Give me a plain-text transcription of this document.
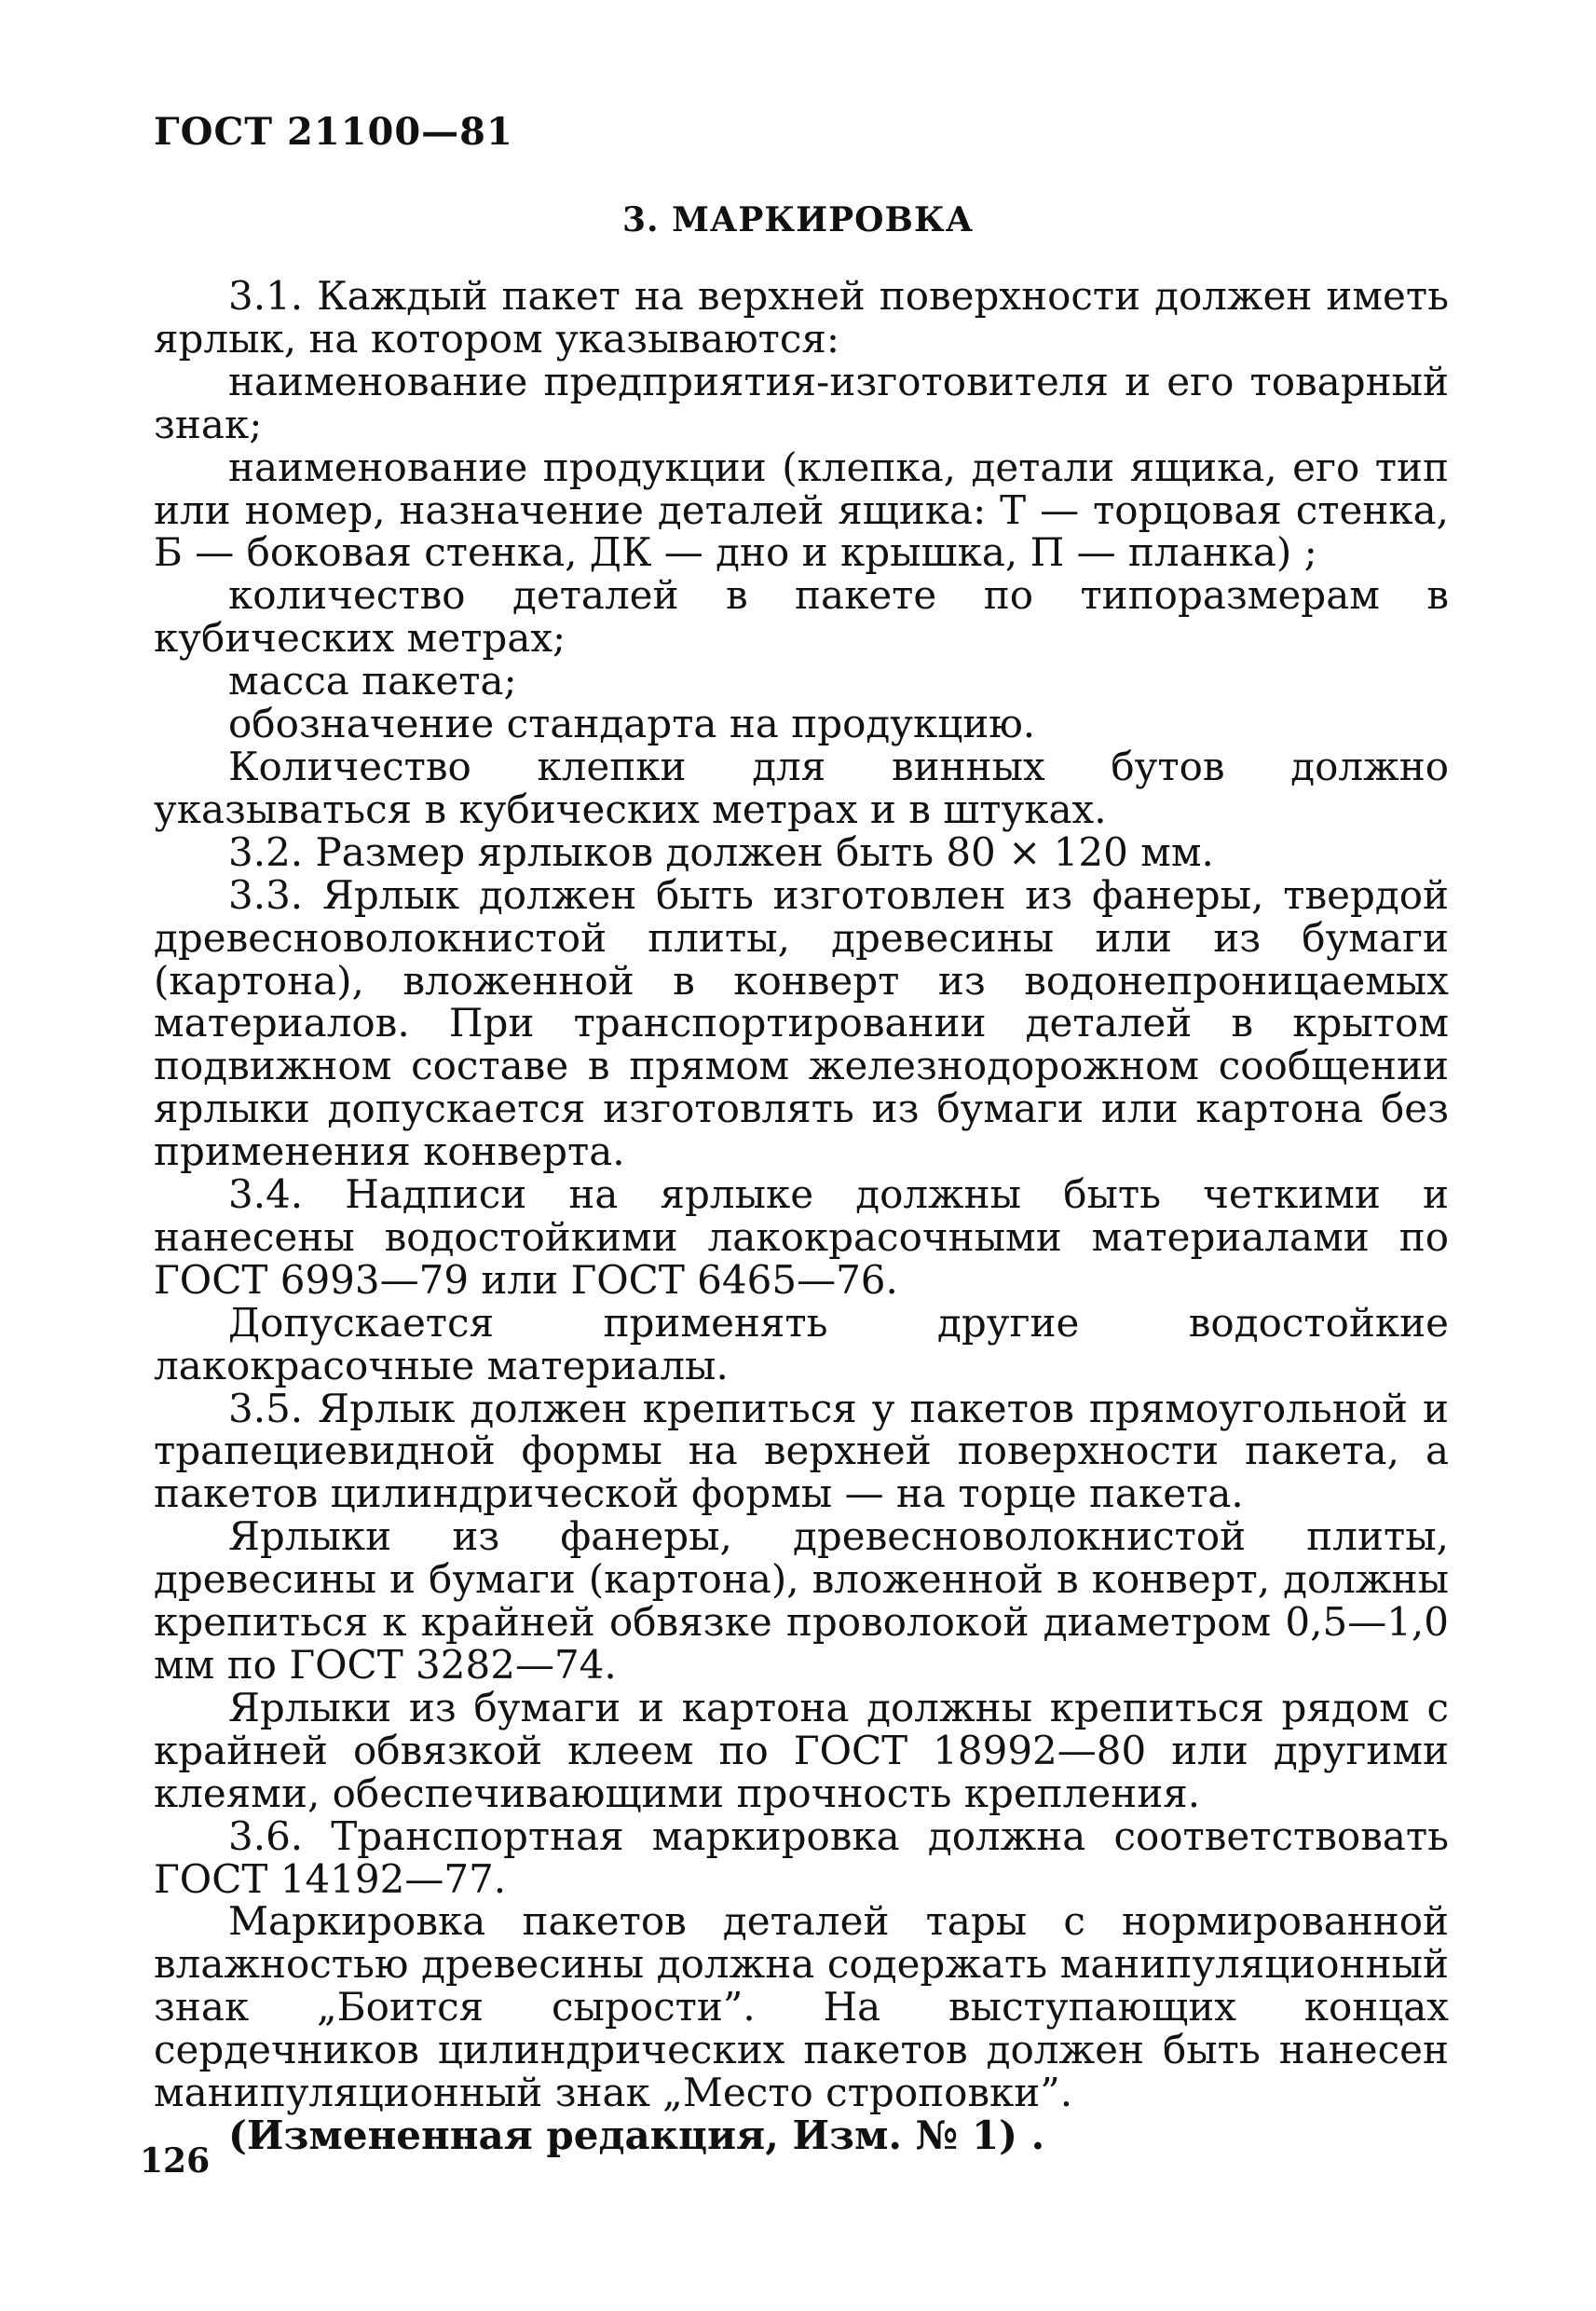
ГОСТ 21100—81
3. МАРКИРОВКА

3.1. Каждый пакет на верхней поверхности должен иметь ярлык, на котором указываются:

наименование предприятия-изготовителя и его товарный знак;

наименование продукции (клепка, детали ящика, его тип или номер, назначение деталей ящика: Т — торцовая стенка, Б — боковая стенка, ДК — дно и крышка, П — планка) ;

количество деталей в пакете по типоразмерам в кубических метрах;

масса пакета;

обозначение стандарта на продукцию.

Количество клепки для винных бутов должно указываться в кубических метрах и в штуках.

3.2. Размер ярлыков должен быть 80 × 120 мм.

3.3. Ярлык должен быть изготовлен из фанеры, твердой древесноволокнистой плиты, древесины или из бумаги (картона), вложенной в конверт из водонепроницаемых материалов. При транспортировании деталей в крытом подвижном составе в прямом железнодорожном сообщении ярлыки допускается изготовлять из бумаги или картона без применения конверта.

3.4. Надписи на ярлыке должны быть четкими и нанесены водостойкими лакокрасочными материалами по ГОСТ 6993—79 или ГОСТ 6465—76.

Допускается применять другие водостойкие лакокрасочные материалы.

3.5. Ярлык должен крепиться у пакетов прямоугольной и трапециевидной формы на верхней поверхности пакета, а пакетов цилиндрической формы — на торце пакета.

Ярлыки из фанеры, древесноволокнистой плиты, древесины и бумаги (картона), вложенной в конверт, должны крепиться к крайней обвязке проволокой диаметром 0,5—1,0 мм по ГОСТ 3282—74.

Ярлыки из бумаги и картона должны крепиться рядом с крайней обвязкой клеем по ГОСТ 18992—80 или другими клеями, обеспечивающими прочность крепления.

3.6. Транспортная маркировка должна соответствовать ГОСТ 14192—77.

Маркировка пакетов деталей тары с нормированной влажностью древесины должна содержать манипуляционный знак „Боится сырости”. На выступающих концах сердечников цилиндрических пакетов должен быть нанесен манипуляционный знак „Место строповки”.

(Измененная редакция, Изм. № 1) .

126
